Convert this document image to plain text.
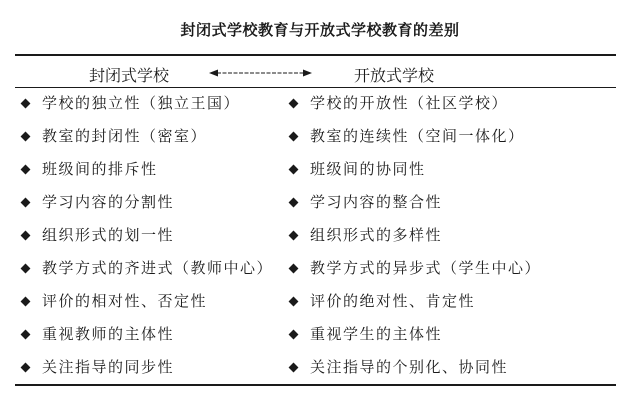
封闭式学校教育与开放式学校教育的差别
封闭式学校	开放式学校
学校的独立性（独立王国）
教室的封闭性（密室）
班级间的排斥性
学习内容的分割性
组织形式的划一性
教学方式的齐进式（教师中心）
评价的相对性、否定性
重视教师的主体性
关注指导的同步性
学校的开放性（社区学校）
教室的连续性（空间一体化）
班级间的协同性
学习内容的整合性
组织形式的多样性
教学方式的异步式（学生中心）
评价的绝对性、肯定性
重视学生的主体性
关注指导的个别化、协同性
